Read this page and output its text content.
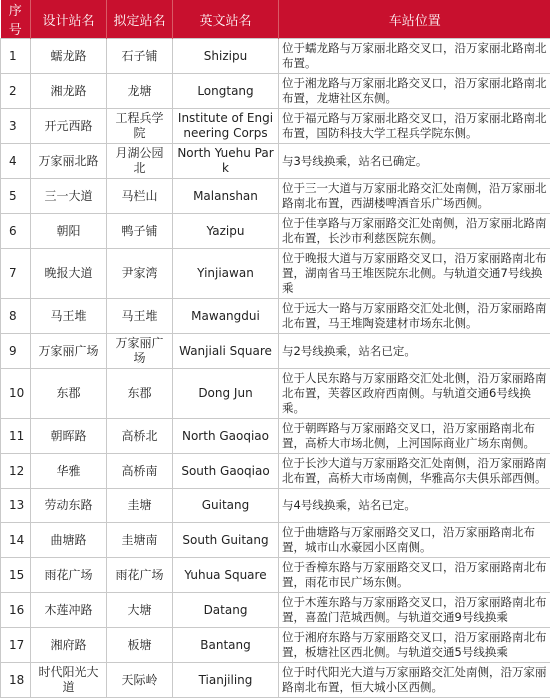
序号	设计站名	拟定站名	英文站名	车站位置
1	蠕龙路	石子铺	Shizipu	位于蠕龙路与万家丽北路交叉口，沿万家丽北路南北布置。
2	湘龙路	龙塘	Longtang	位于湘龙路与万家丽北路交叉口，沿万家丽北路南北布置，龙塘社区东侧。
3	开元西路	工程兵学院	Institute of Engineering Corps	位于福元路与万家丽北路交叉口，沿万家丽北路南北布置，国防科技大学工程兵学院东侧。
4	万家丽北路	月湖公园北	North Yuehu Park	与3号线换乘，站名已确定。
5	三一大道	马栏山	Malanshan	位于三一大道与万家丽北路交汇处南侧，沿万家丽北路南北布置，西湖楼啤酒音乐广场西侧。
6	朝阳	鸭子铺	Yazipu	位于佳享路与万家丽路交汇处南侧，沿万家丽北路南北布置，长沙市利慈医院东侧。
7	晚报大道	尹家湾	Yinjiawan	位于晚报大道与万家丽路交叉口，沿万家丽路南北布置，湖南省马王堆医院东北侧。与轨道交通7号线换乘
8	马王堆	马王堆	Mawangdui	位于远大一路与万家丽路交汇处北侧，沿万家丽路南北布置，马王堆陶瓷建材市场东北侧。
9	万家丽广场	万家丽广场	Wanjiali Square	与2号线换乘，站名已定。
10	东郡	东郡	Dong Jun	位于人民东路与万家丽路交汇处北侧，沿万家丽路南北布置，芙蓉区政府西南侧。与轨道交通6号线换乘。
11	朝晖路	高桥北	North Gaoqiao	位于朝晖路与万家丽路交叉口，沿万家丽路南北布置，高桥大市场北侧，上河国际商业广场东南侧。
12	华雅	高桥南	South Gaoqiao	位于长沙大道与万家丽路交汇处南侧，沿万家丽路南北布置，高桥大市场南侧，华雅高尔夫俱乐部西侧。
13	劳动东路	圭塘	Guitang	与4号线换乘，站名已定。
14	曲塘路	圭塘南	South Guitang	位于曲塘路与万家丽路交叉口，沿万家丽路南北布置，城市山水豪园小区南侧。
15	雨花广场	雨花广场	Yuhua Square	位于香樟东路与万家丽路交叉口，沿万家丽路南北布置，雨花市民广场东侧。
16	木莲冲路	大塘	Datang	位于木莲东路与万家丽路交叉口，沿万家丽路南北布置，喜盈门范城西侧。与轨道交通9号线换乘
17	湘府路	板塘	Bantang	位于湘府东路与万家丽路交叉口，沿万家丽路南北布置，板塘社区西北侧。与轨道交通5号线换乘
18	时代阳光大道	天际岭	Tianjiling	位于时代阳光大道与万家丽路交汇处南侧，沿万家丽路南北布置，恒大城小区西侧。
